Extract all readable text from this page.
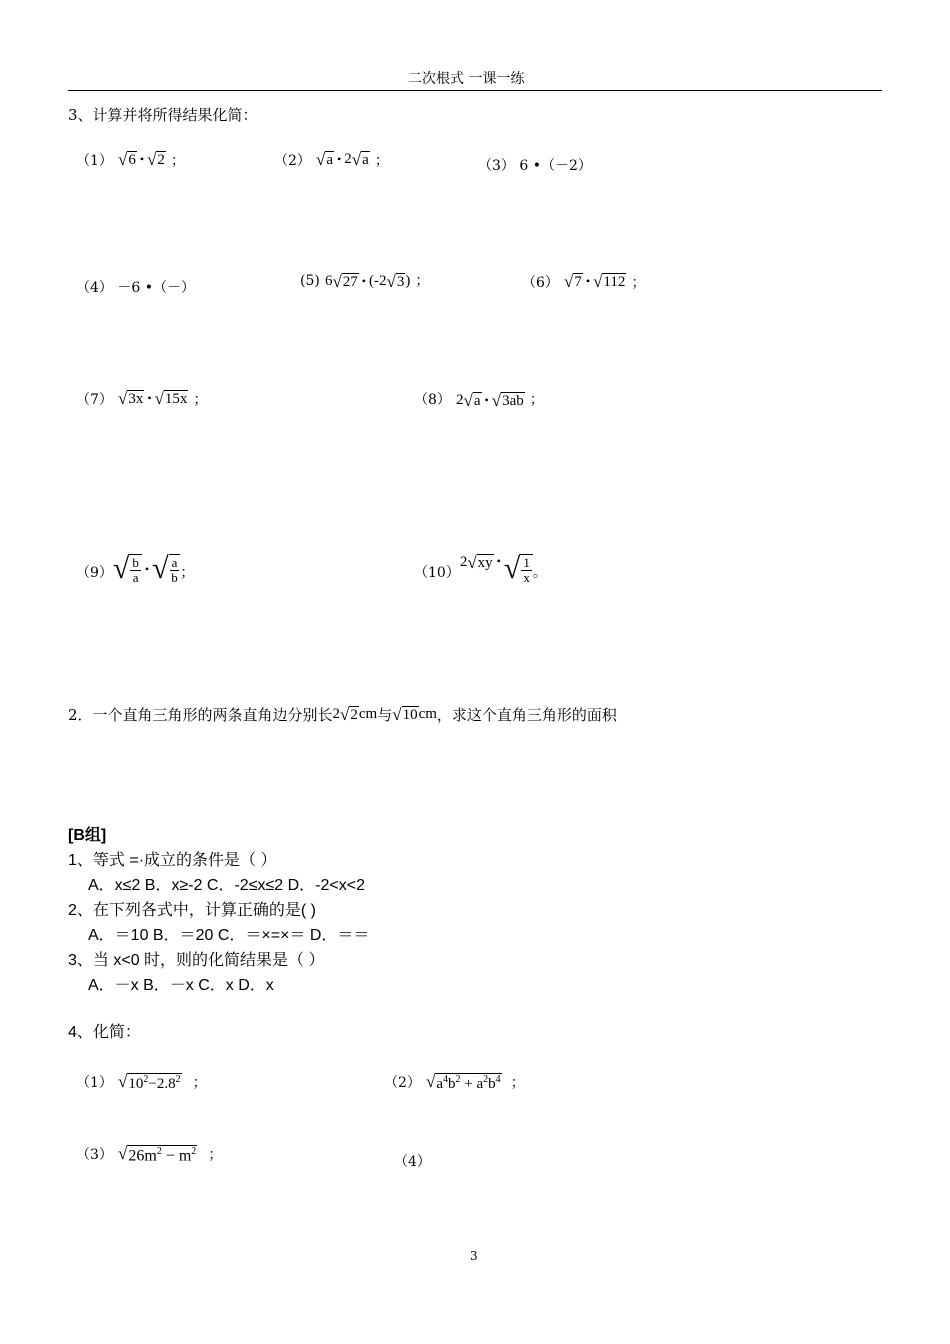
二次根式 一课一练
3、计算并将所得结果化简：
（1） √ 6 • √ 2 ；	（2） √ a • 2 √ a ；	（3） 6 •（－2）
（4） －6 •（－）	(5) 6 √ 27 • (-2 √ 3 ) ；	（6） √ 7 • √ 112 ；
（7） √ 3x • √ 15x ；	（8） 2 √ a • √ 3ab ；
（9） √ $\frac{b}{a}$ • √ $\frac{a}{b}$ ；	（10）
2 √ xy • √ $\frac{1}{x}$ 。
2．一个直角三角形的两条直角边分别长 2 √ 2 cm 与 √ 10 cm ，求这个直角三角形的面积
[B组]
1、等式 =·成立的条件是（ ）
A．x≤2 B．x≥-2 C．-2≤x≤2 D．-2<x<2
2、在下列各式中，计算正确的是( )
A．＝10 B．＝20 C．＝×=×＝ D．＝＝
3、当 x<0 时，则的化简结果是（ ）
A．－x B．－x C．x D．x
4、化简：
（1） √ $10^2-2.8^2$ ；	（2） √ $a^4b^2 + a^2b^4$ ；
（3） √ $26m^2 - m^2$ ；	（4）
3
